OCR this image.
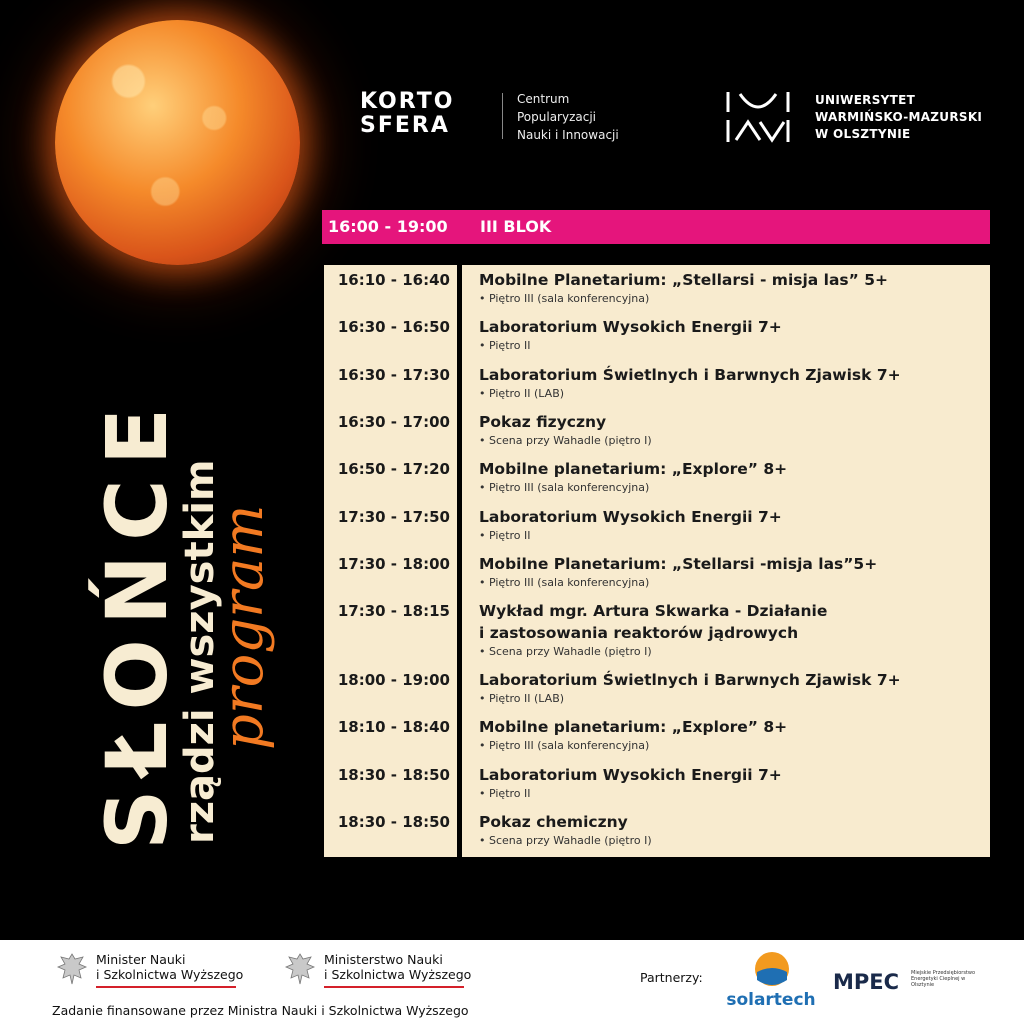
KORTO
SFERA
Centrum
Popularyzacji
Nauki i Innowacji
UNIWERSYTET
WARMIŃSKO-MAZURSKI
W OLSZTYNIE
SŁOŃCE
rządzi wszystkim
program
16:00 - 19:00 III BLOK
16:10 - 16:40 Mobilne Planetarium: „Stellarsi - misja las” 5+
• Piętro III (sala konferencyjna)
16:30 - 16:50 Laboratorium Wysokich Energii 7+
• Piętro II
16:30 - 17:30 Laboratorium Świetlnych i Barwnych Zjawisk 7+
• Piętro II (LAB)
16:30 - 17:00 Pokaz fizyczny
• Scena przy Wahadle (piętro I)
16:50 - 17:20 Mobilne planetarium: „Explore” 8+
• Piętro III (sala konferencyjna)
17:30 - 17:50 Laboratorium Wysokich Energii 7+
• Piętro II
17:30 - 18:00 Mobilne Planetarium: „Stellarsi -misja las”5+
• Piętro III (sala konferencyjna)
17:30 - 18:15 Wykład mgr. Artura Skwarka - Działanie
i zastosowania reaktorów jądrowych
• Scena przy Wahadle (piętro I)
18:00 - 19:00 Laboratorium Świetlnych i Barwnych Zjawisk 7+
• Piętro II (LAB)
18:10 - 18:40 Mobilne planetarium: „Explore” 8+
• Piętro III (sala konferencyjna)
18:30 - 18:50 Laboratorium Wysokich Energii 7+
• Piętro II
18:30 - 18:50 Pokaz chemiczny
• Scena przy Wahadle (piętro I)
Minister Nauki
i Szkolnictwa Wyższego
Ministerstwo Nauki
i Szkolnictwa Wyższego
Zadanie finansowane przez Ministra Nauki i Szkolnictwa Wyższego
Partnerzy:
solartech
MPEC Miejskie Przedsiębiorstwo Energetyki Cieplnej w Olsztynie
